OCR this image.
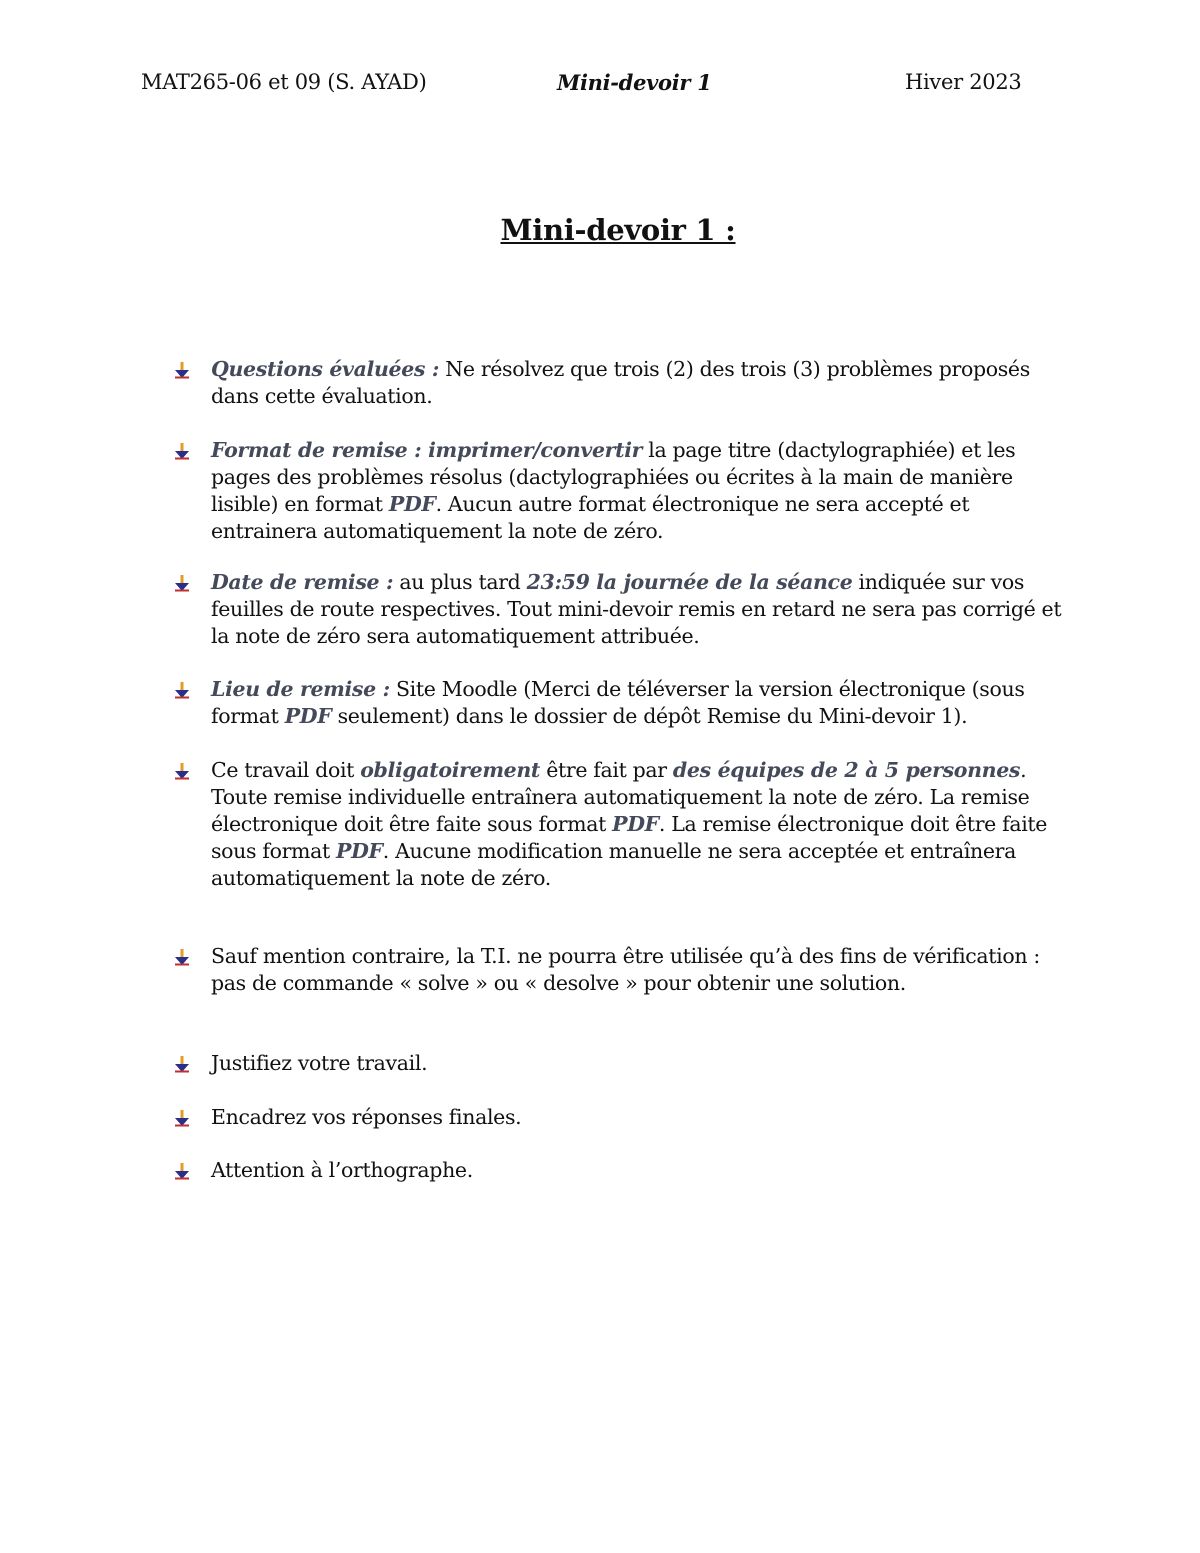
MAT265-06 et 09 (S. AYAD)	Mini-devoir 1	Hiver 2023
Mini-devoir 1 :
Questions évaluées : Ne résolvez que trois (2) des trois (3) problèmes proposés dans cette évaluation.
Format de remise : imprimer/convertir la page titre (dactylographiée) et les pages des problèmes résolus (dactylographiées ou écrites à la main de manière lisible) en format PDF. Aucun autre format électronique ne sera accepté et entrainera automatiquement la note de zéro.
Date de remise : au plus tard 23:59 la journée de la séance indiquée sur vos feuilles de route respectives. Tout mini-devoir remis en retard ne sera pas corrigé et la note de zéro sera automatiquement attribuée.
Lieu de remise : Site Moodle (Merci de téléverser la version électronique (sous format PDF seulement) dans le dossier de dépôt Remise du Mini-devoir 1).
Ce travail doit obligatoirement être fait par des équipes de 2 à 5 personnes. Toute remise individuelle entraînera automatiquement la note de zéro. La remise électronique doit être faite sous format PDF. La remise électronique doit être faite sous format PDF. Aucune modification manuelle ne sera acceptée et entraînera automatiquement la note de zéro.
Sauf mention contraire, la T.I. ne pourra être utilisée qu’à des fins de vérification : pas de commande « solve » ou « desolve » pour obtenir une solution.
Justifiez votre travail.
Encadrez vos réponses finales.
Attention à l’orthographe.
